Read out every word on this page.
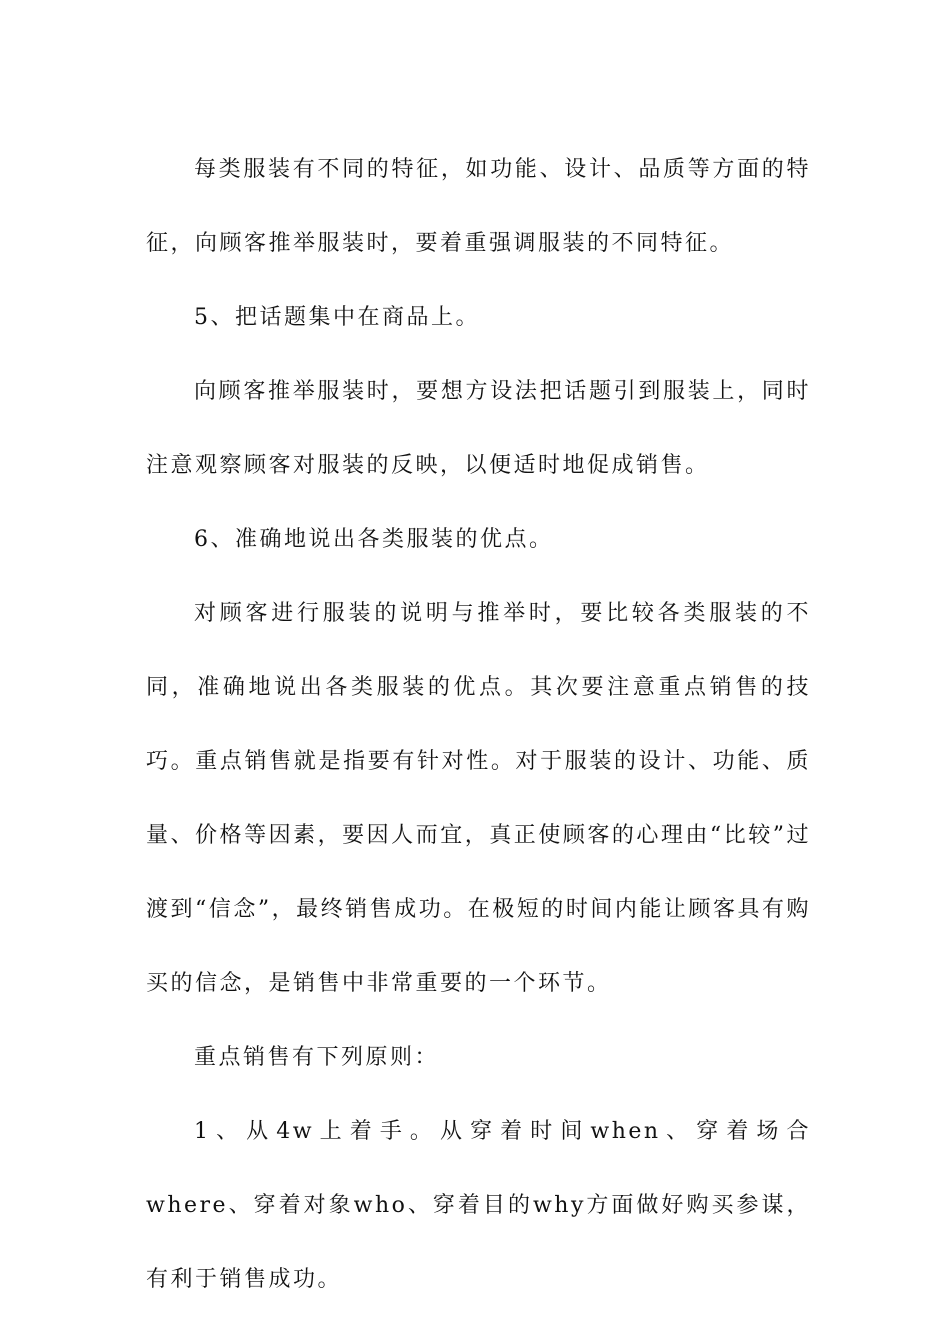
每类服装有不同的特征，如功能、设计、品质等方面的特征，向顾客推举服装时，要着重强调服装的不同特征。

5、把话题集中在商品上。

向顾客推举服装时，要想方设法把话题引到服装上，同时注意观察顾客对服装的反映，以便适时地促成销售。

6、准确地说出各类服装的优点。

对顾客进行服装的说明与推举时，要比较各类服装的不同，准确地说出各类服装的优点。其次要注意重点销售的技巧。重点销售就是指要有针对性。对于服装的设计、功能、质量、价格等因素，要因人而宜，真正使顾客的心理由“比较”过渡到“信念”，最终销售成功。在极短的时间内能让顾客具有购买的信念，是销售中非常重要的一个环节。

重点销售有下列原则：

1、从4w上着手。从穿着时间when、穿着场合where、穿着对象who、穿着目的why方面做好购买参谋，有利于销售成功。
